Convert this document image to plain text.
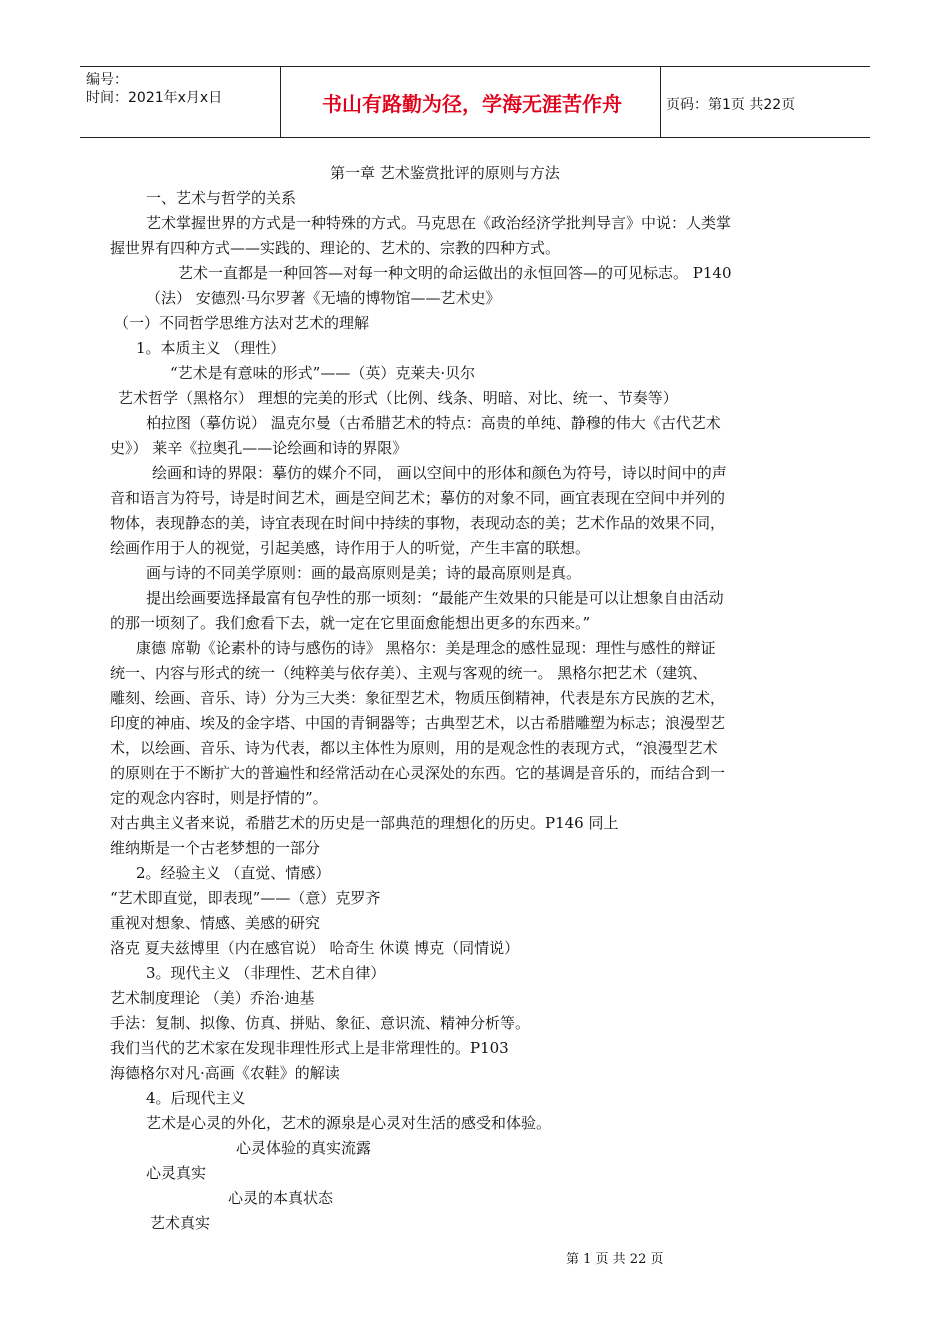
编号：
时间：2021年x月x日	书山有路勤为径，学海无涯苦作舟	页码：第1页 共22页
第一章 艺术鉴赏批评的原则与方法
一、艺术与哲学的关系
艺术掌握世界的方式是一种特殊的方式。马克思在《政治经济学批判导言》中说：人类掌
握世界有四种方式——实践的、理论的、艺术的、宗教的四种方式。
艺术一直都是一种回答—对每一种文明的命运做出的永恒回答—的可见标志。 P140
（法） 安德烈·马尔罗著《无墙的博物馆——艺术史》
（一）不同哲学思维方法对艺术的理解
1。本质主义 （理性）
“艺术是有意味的形式”——（英）克莱夫·贝尔
艺术哲学（黑格尔） 理想的完美的形式（比例、线条、明暗、对比、统一、节奏等）
柏拉图（摹仿说） 温克尔曼（古希腊艺术的特点：高贵的单纯、静穆的伟大《古代艺术
史》） 莱辛《拉奥孔——论绘画和诗的界限》
绘画和诗的界限：摹仿的媒介不同， 画以空间中的形体和颜色为符号，诗以时间中的声
音和语言为符号，诗是时间艺术，画是空间艺术；摹仿的对象不同，画宜表现在空间中并列的
物体，表现静态的美，诗宜表现在时间中持续的事物，表现动态的美；艺术作品的效果不同，
绘画作用于人的视觉，引起美感，诗作用于人的听觉，产生丰富的联想。
画与诗的不同美学原则：画的最高原则是美；诗的最高原则是真。
提出绘画要选择最富有包孕性的那一顷刻：“最能产生效果的只能是可以让想象自由活动
的那一顷刻了。我们愈看下去，就一定在它里面愈能想出更多的东西来。”
康德 席勒《论素朴的诗与感伤的诗》 黑格尔：美是理念的感性显现：理性与感性的辩证
统一、内容与形式的统一（纯粹美与依存美）、主观与客观的统一。 黑格尔把艺术（建筑、
雕刻、绘画、音乐、诗）分为三大类：象征型艺术，物质压倒精神，代表是东方民族的艺术，
印度的神庙、埃及的金字塔、中国的青铜器等；古典型艺术，以古希腊雕塑为标志；浪漫型艺
术，以绘画、音乐、诗为代表，都以主体性为原则，用的是观念性的表现方式，“浪漫型艺术
的原则在于不断扩大的普遍性和经常活动在心灵深处的东西。它的基调是音乐的，而结合到一
定的观念内容时，则是抒情的”。
对古典主义者来说，希腊艺术的历史是一部典范的理想化的历史。P146 同上
维纳斯是一个古老梦想的一部分
2。经验主义 （直觉、情感）
“艺术即直觉，即表现”——（意）克罗齐
重视对想象、情感、美感的研究
洛克 夏夫兹博里（内在感官说） 哈奇生 休谟 博克（同情说）
3。现代主义 （非理性、艺术自律）
艺术制度理论 （美）乔治·迪基
手法：复制、拟像、仿真、拼贴、象征、意识流、精神分析等。
我们当代的艺术家在发现非理性形式上是非常理性的。P103
海德格尔对凡·高画《农鞋》的解读
4。后现代主义
艺术是心灵的外化，艺术的源泉是心灵对生活的感受和体验。
心灵体验的真实流露
心灵真实
心灵的本真状态
艺术真实
第 1 页 共 22 页
